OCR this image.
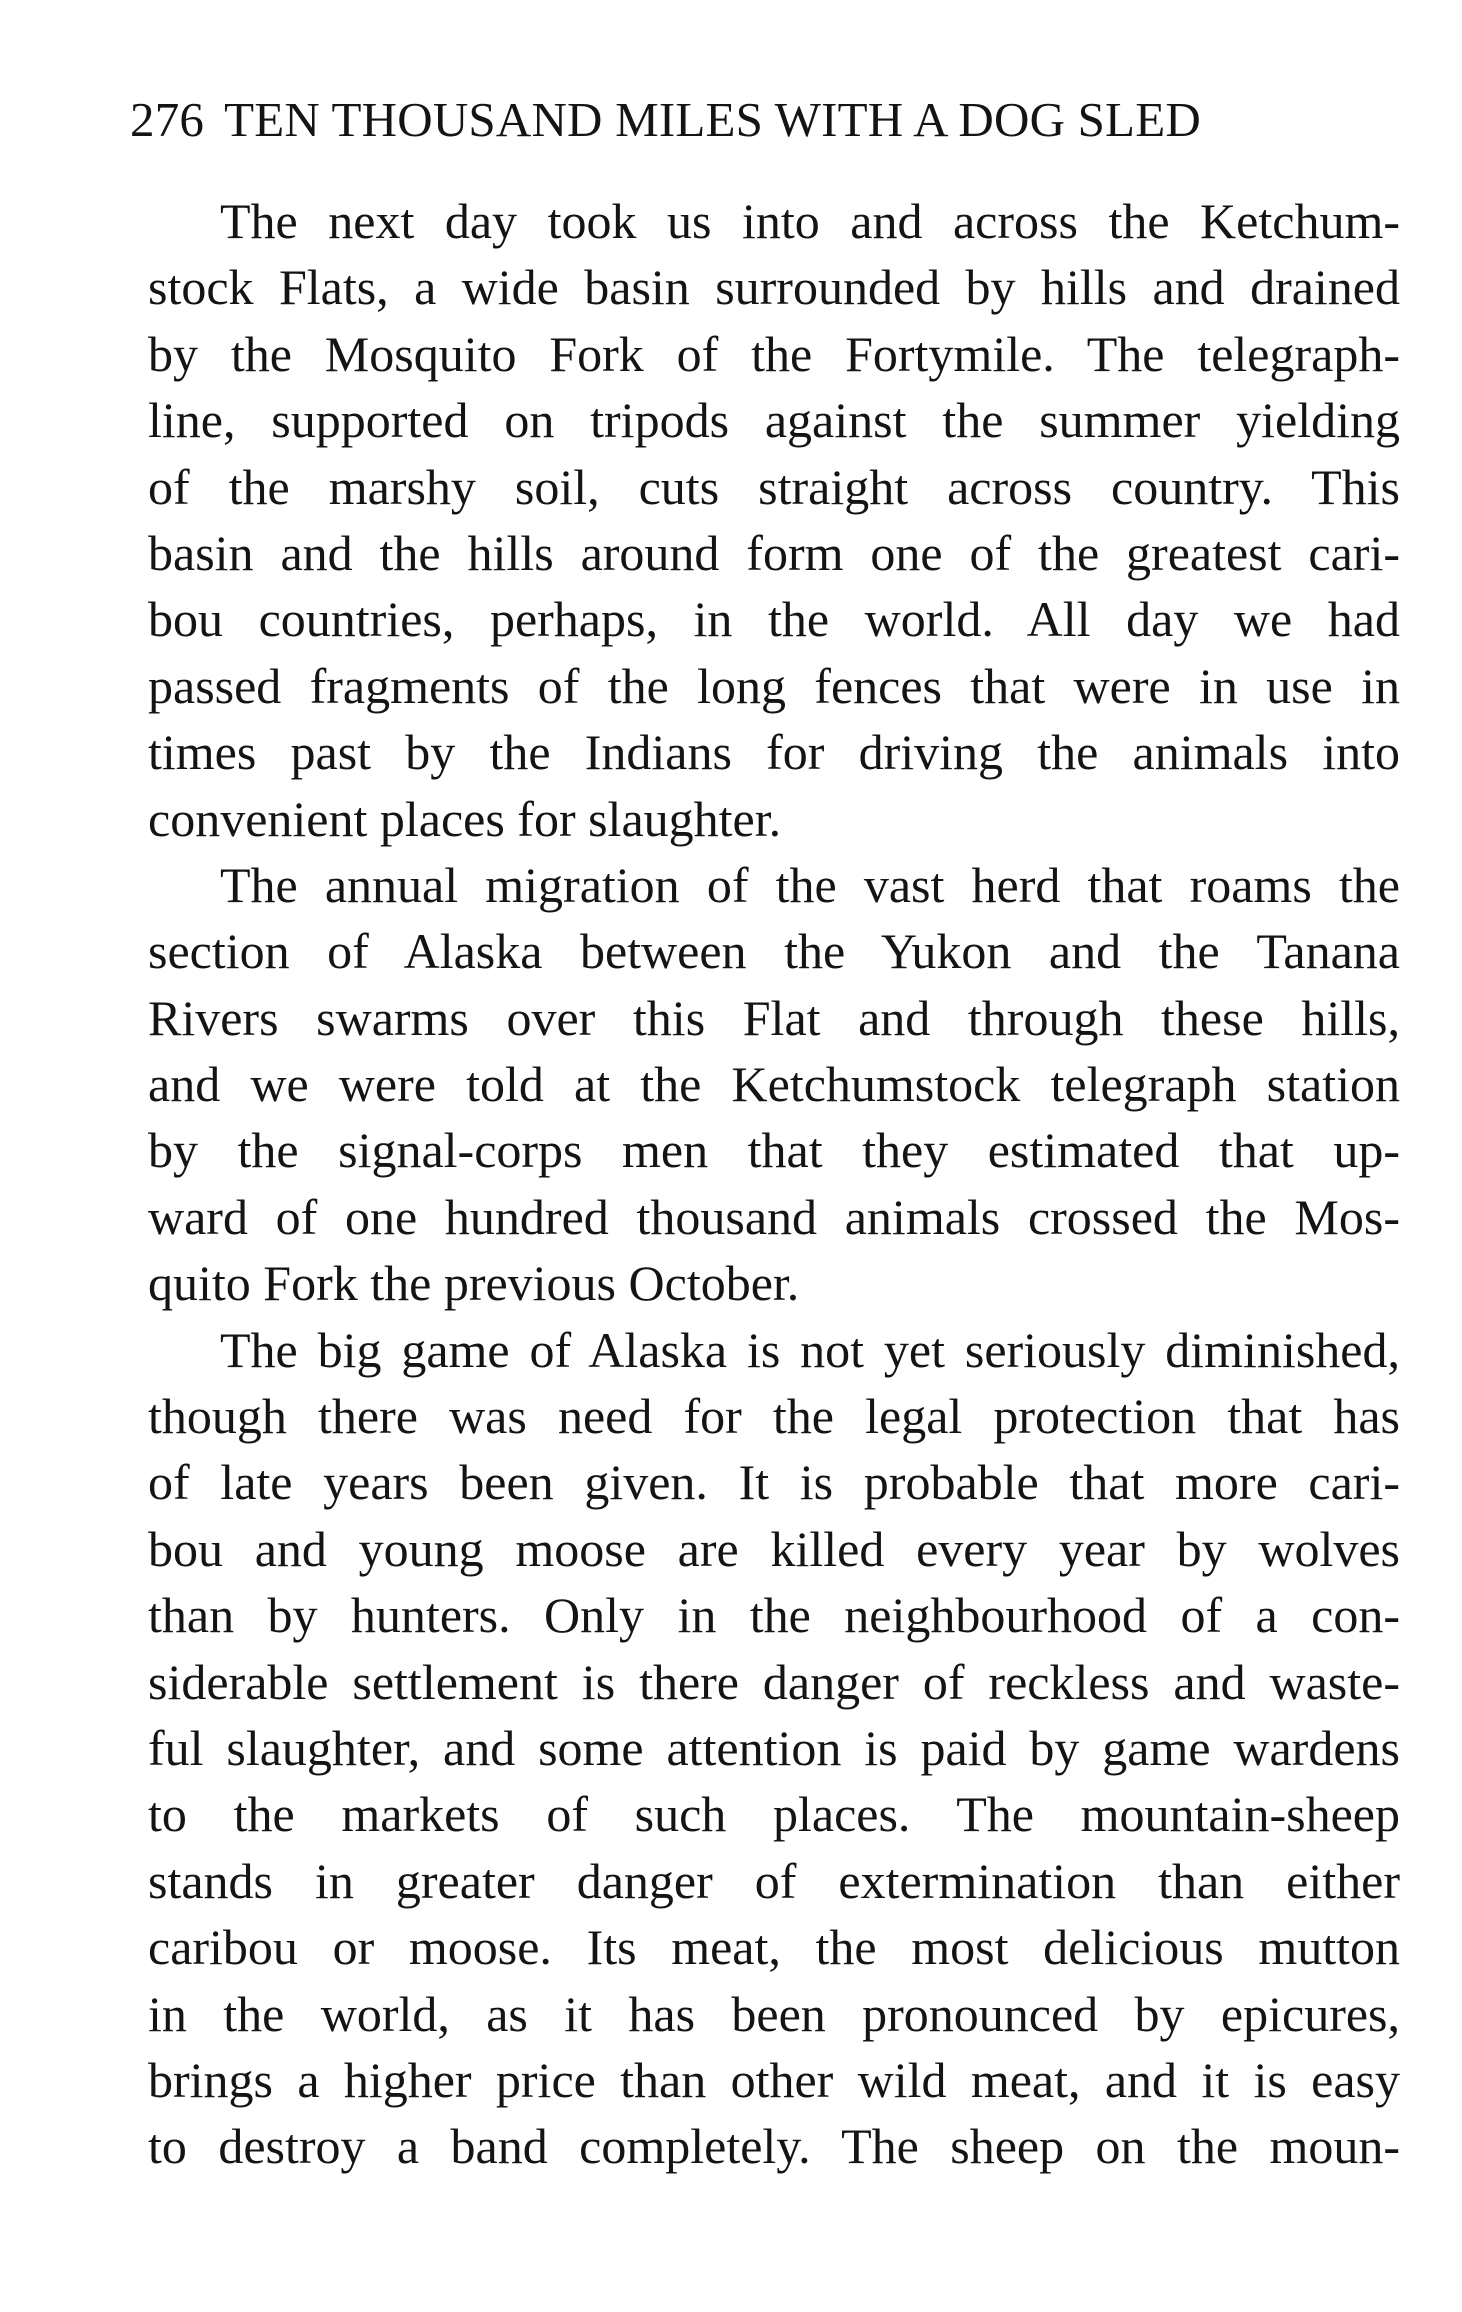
276 TEN THOUSAND MILES WITH A DOG SLED
The next day took us into and across the Ketchum-
stock Flats, a wide basin surrounded by hills and drained
by the Mosquito Fork of the Fortymile. The telegraph-
line, supported on tripods against the summer yielding
of the marshy soil, cuts straight across country. This
basin and the hills around form one of the greatest cari-
bou countries, perhaps, in the world. All day we had
passed fragments of the long fences that were in use in
times past by the Indians for driving the animals into
convenient places for slaughter.
The annual migration of the vast herd that roams the
section of Alaska between the Yukon and the Tanana
Rivers swarms over this Flat and through these hills,
and we were told at the Ketchumstock telegraph station
by the signal-corps men that they estimated that up-
ward of one hundred thousand animals crossed the Mos-
quito Fork the previous October.
The big game of Alaska is not yet seriously diminished,
though there was need for the legal protection that has
of late years been given. It is probable that more cari-
bou and young moose are killed every year by wolves
than by hunters. Only in the neighbourhood of a con-
siderable settlement is there danger of reckless and waste-
ful slaughter, and some attention is paid by game wardens
to the markets of such places. The mountain-sheep
stands in greater danger of extermination than either
caribou or moose. Its meat, the most delicious mutton
in the world, as it has been pronounced by epicures,
brings a higher price than other wild meat, and it is easy
to destroy a band completely. The sheep on the moun-
